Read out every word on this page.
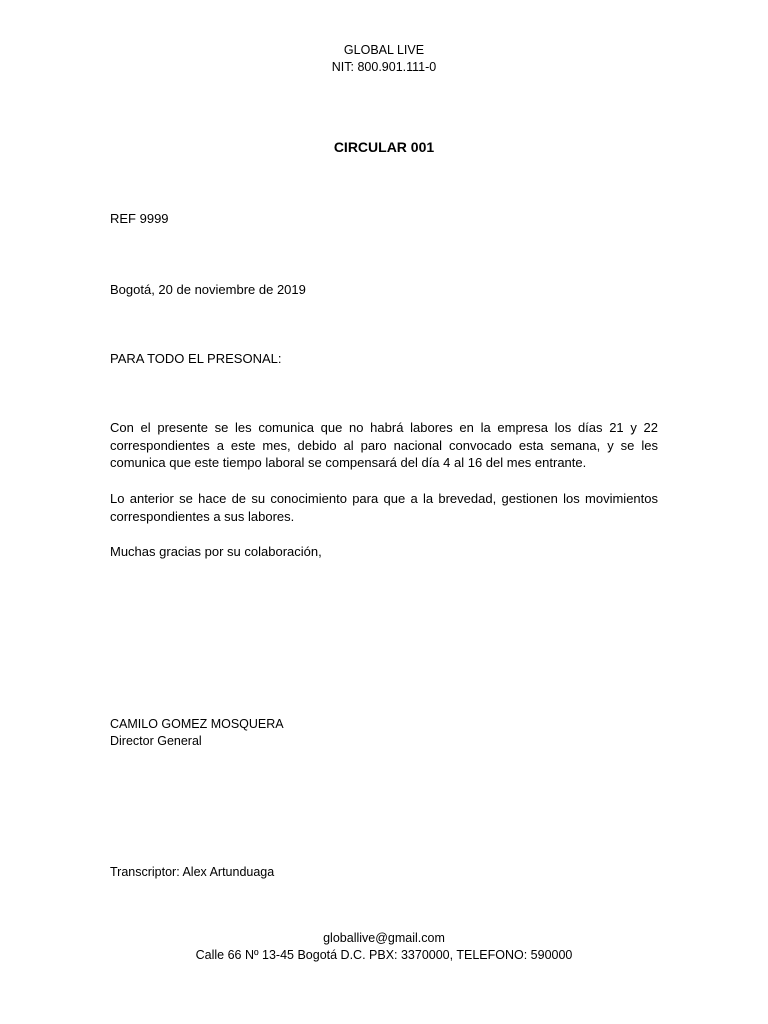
GLOBAL LIVE
NIT: 800.901.111-0
CIRCULAR 001
REF 9999
Bogotá, 20 de noviembre de 2019
PARA TODO EL PRESONAL:
Con el presente se les comunica que no habrá labores en la empresa los días 21 y 22 correspondientes a este mes, debido al paro nacional convocado esta semana, y se les comunica que este tiempo laboral se compensará del día 4 al 16 del mes entrante.
Lo anterior se hace de su conocimiento para que a la brevedad, gestionen los movimientos correspondientes a sus labores.
Muchas gracias por su colaboración,
CAMILO GOMEZ MOSQUERA
Director General
Transcriptor: Alex Artunduaga
globallive@gmail.com
Calle 66 Nº 13-45 Bogotá D.C. PBX: 3370000, TELEFONO: 590000
